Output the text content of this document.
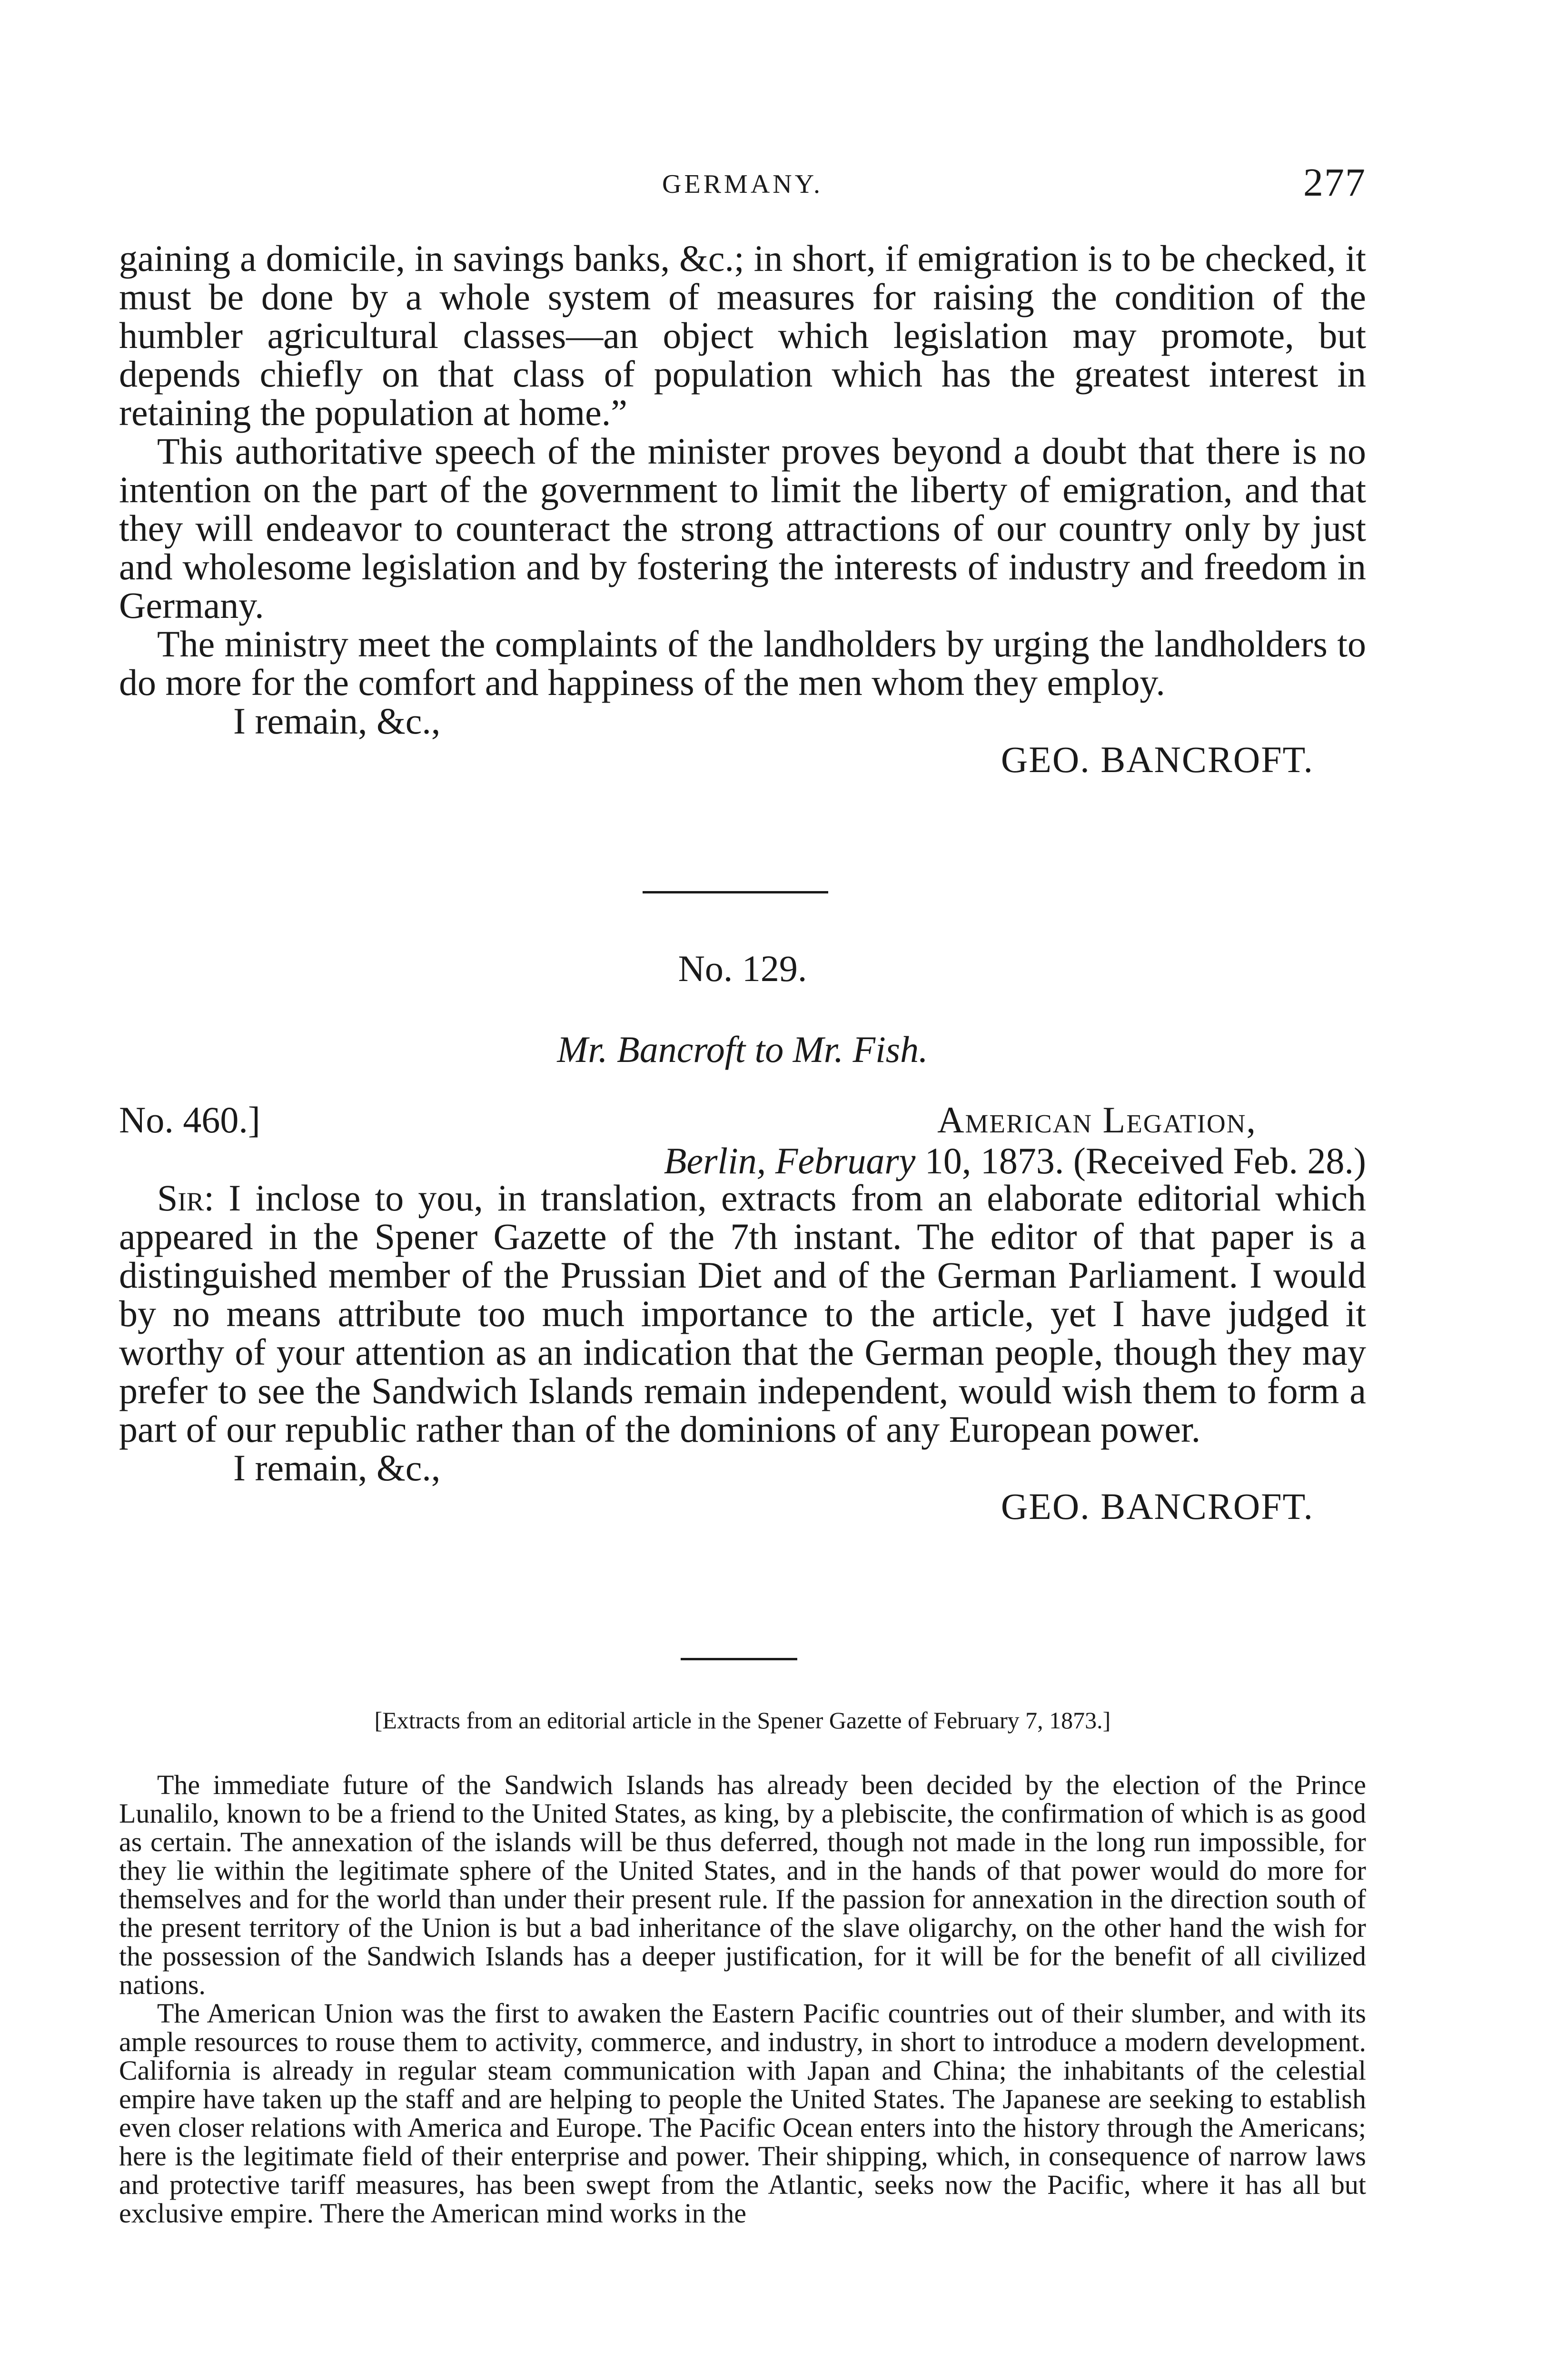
GERMANY.	277

gaining a domicile, in savings banks, &c.; in short, if emigration is to be checked, it must be done by a whole system of measures for raising the condition of the humbler agricultural classes—an object which legislation may promote, but depends chiefly on that class of population which has the greatest interest in retaining the population at home.”

This authoritative speech of the minister proves beyond a doubt that there is no intention on the part of the government to limit the liberty of emigration, and that they will endeavor to counteract the strong attractions of our country only by just and wholesome legislation and by fostering the interests of industry and freedom in Germany.

The ministry meet the complaints of the landholders by urging the landholders to do more for the comfort and happiness of the men whom they employ.

I remain, &c.,

GEO. BANCROFT.

No. 129.
Mr. Bancroft to Mr. Fish.
No. 460.]	American Legation,
Berlin, February 10, 1873. (Received Feb. 28.)

Sir: I inclose to you, in translation, extracts from an elaborate editorial which appeared in the Spener Gazette of the 7th instant. The editor of that paper is a distinguished member of the Prussian Diet and of the German Parliament. I would by no means attribute too much importance to the article, yet I have judged it worthy of your attention as an indication that the German people, though they may prefer to see the Sandwich Islands remain independent, would wish them to form a part of our republic rather than of the dominions of any European power.

I remain, &c.,

GEO. BANCROFT.

[Extracts from an editorial article in the Spener Gazette of February 7, 1873.]

The immediate future of the Sandwich Islands has already been decided by the election of the Prince Lunalilo, known to be a friend to the United States, as king, by a plebiscite, the confirmation of which is as good as certain. The annexation of the islands will be thus deferred, though not made in the long run impossible, for they lie within the legitimate sphere of the United States, and in the hands of that power would do more for themselves and for the world than under their present rule. If the passion for annexation in the direction south of the present territory of the Union is but a bad inheritance of the slave oligarchy, on the other hand the wish for the possession of the Sandwich Islands has a deeper justification, for it will be for the benefit of all civilized nations.

The American Union was the first to awaken the Eastern Pacific countries out of their slumber, and with its ample resources to rouse them to activity, commerce, and industry, in short to introduce a modern development. California is already in regular steam communication with Japan and China; the inhabitants of the celestial empire have taken up the staff and are helping to people the United States. The Japanese are seeking to establish even closer relations with America and Europe. The Pacific Ocean enters into the history through the Americans; here is the legitimate field of their enterprise and power. Their shipping, which, in consequence of narrow laws and protective tariff measures, has been swept from the Atlantic, seeks now the Pacific, where it has all but exclusive empire. There the American mind works in the
